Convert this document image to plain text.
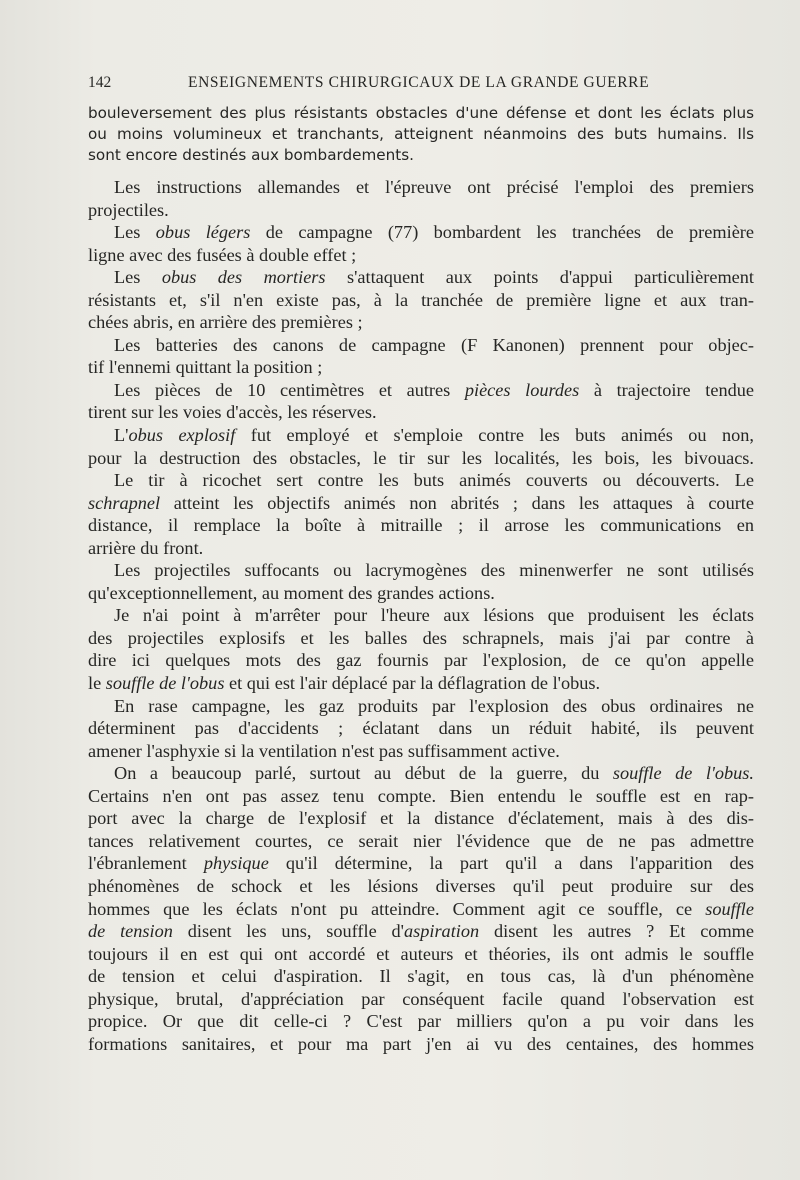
142	ENSEIGNEMENTS CHIRURGICAUX DE LA GRANDE GUERRE
bouleversement des plus résistants obstacles d'une défense et dont les éclats plus
ou moins volumineux et tranchants, atteignent néanmoins des buts humains. Ils
sont encore destinés aux bombardements.
Les instructions allemandes et l'épreuve ont précisé l'emploi des premiers
projectiles.
Les obus légers de campagne (77) bombardent les tranchées de première
ligne avec des fusées à double effet ;
Les obus des mortiers s'attaquent aux points d'appui particulièrement
résistants et, s'il n'en existe pas, à la tranchée de première ligne et aux tran-
chées abris, en arrière des premières ;
Les batteries des canons de campagne (F Kanonen) prennent pour objec-
tif l'ennemi quittant la position ;
Les pièces de 10 centimètres et autres pièces lourdes à trajectoire tendue
tirent sur les voies d'accès, les réserves.
L'obus explosif fut employé et s'emploie contre les buts animés ou non,
pour la destruction des obstacles, le tir sur les localités, les bois, les bivouacs.
Le tir à ricochet sert contre les buts animés couverts ou découverts. Le
schrapnel atteint les objectifs animés non abrités ; dans les attaques à courte
distance, il remplace la boîte à mitraille ; il arrose les communications en
arrière du front.
Les projectiles suffocants ou lacrymogènes des minenwerfer ne sont utilisés
qu'exceptionnellement, au moment des grandes actions.
Je n'ai point à m'arrêter pour l'heure aux lésions que produisent les éclats
des projectiles explosifs et les balles des schrapnels, mais j'ai par contre à
dire ici quelques mots des gaz fournis par l'explosion, de ce qu'on appelle
le souffle de l'obus et qui est l'air déplacé par la déflagration de l'obus.
En rase campagne, les gaz produits par l'explosion des obus ordinaires ne
déterminent pas d'accidents ; éclatant dans un réduit habité, ils peuvent
amener l'asphyxie si la ventilation n'est pas suffisamment active.
On a beaucoup parlé, surtout au début de la guerre, du souffle de l'obus.
Certains n'en ont pas assez tenu compte. Bien entendu le souffle est en rap-
port avec la charge de l'explosif et la distance d'éclatement, mais à des dis-
tances relativement courtes, ce serait nier l'évidence que de ne pas admettre
l'ébranlement physique qu'il détermine, la part qu'il a dans l'apparition des
phénomènes de schock et les lésions diverses qu'il peut produire sur des
hommes que les éclats n'ont pu atteindre. Comment agit ce souffle, ce souffle
de tension disent les uns, souffle d'aspiration disent les autres ? Et comme
toujours il en est qui ont accordé et auteurs et théories, ils ont admis le souffle
de tension et celui d'aspiration. Il s'agit, en tous cas, là d'un phénomène
physique, brutal, d'appréciation par conséquent facile quand l'observation est
propice. Or que dit celle-ci ? C'est par milliers qu'on a pu voir dans les
formations sanitaires, et pour ma part j'en ai vu des centaines, des hommes
